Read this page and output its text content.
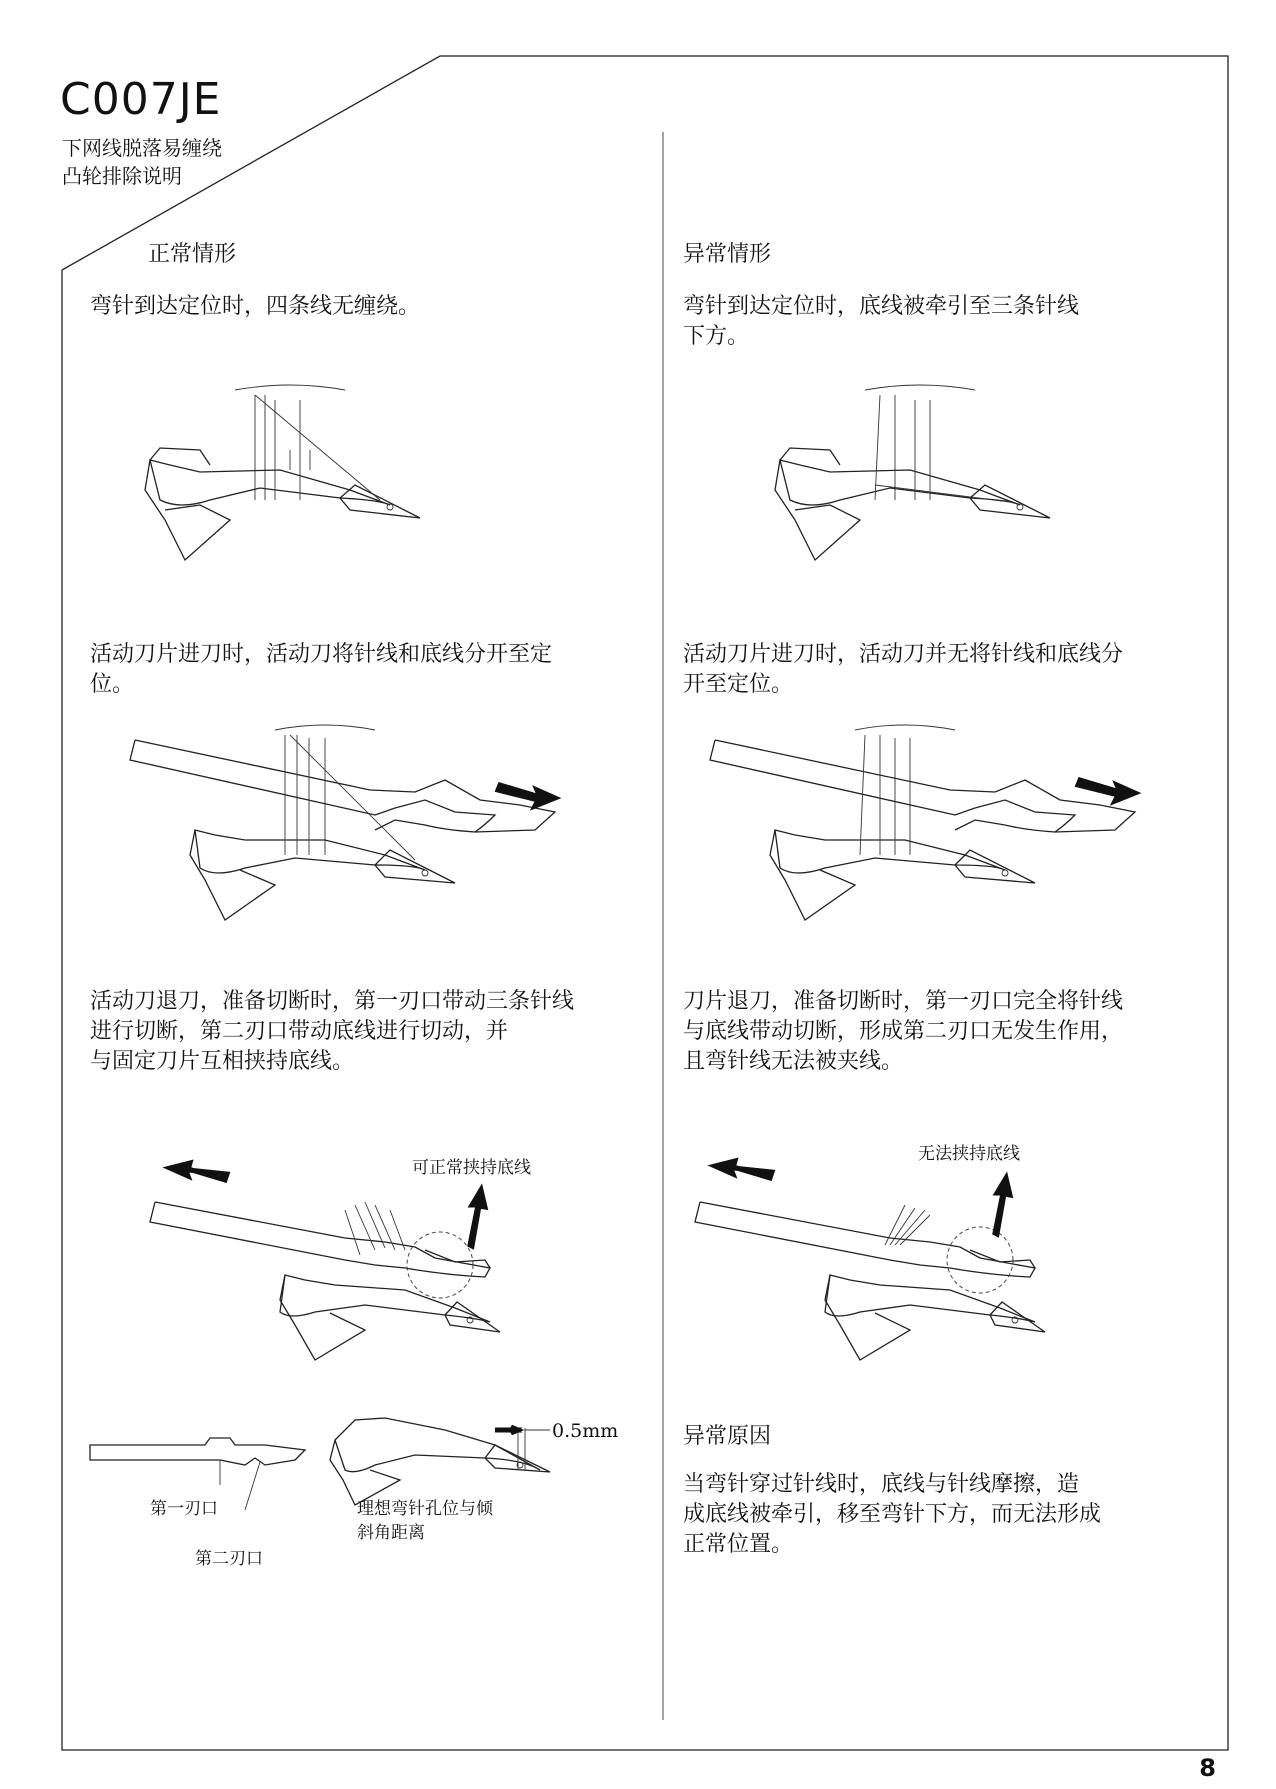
C007JE
下网线脱落易缠绕
凸轮排除说明
正常情形
弯针到达定位时，四条线无缠绕。
活动刀片进刀时，活动刀将针线和底线分开至定
位。
活动刀退刀，准备切断时，第一刃口带动三条针线
进行切断，第二刃口带动底线进行切动，并
与固定刀片互相挟持底线。
可正常挟持底线
第一刃口
第二刃口
0.5mm
理想弯针孔位与倾
斜角距离
异常情形
弯针到达定位时，底线被牵引至三条针线
下方。
活动刀片进刀时，活动刀并无将针线和底线分
开至定位。
刀片退刀，准备切断时，第一刃口完全将针线
与底线带动切断，形成第二刃口无发生作用，
且弯针线无法被夹线。
无法挟持底线
异常原因
当弯针穿过针线时，底线与针线摩擦，造
成底线被牵引，移至弯针下方，而无法形成
正常位置。
8
